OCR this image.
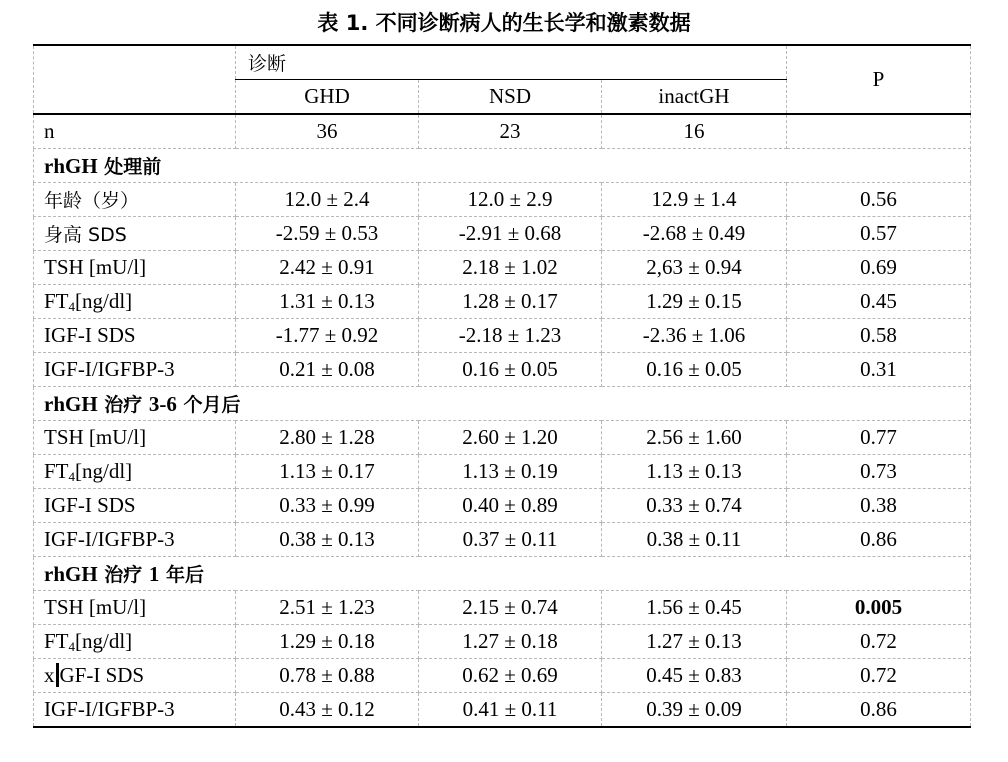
表 1. 不同诊断病人的生长学和激素数据
	诊断			P
	GHD	NSD	inactGH	
n	36	23	16	
rhGH 处理前				
年龄（岁）	12.0 ± 2.4	12.0 ± 2.9	12.9 ± 1.4	0.56
身高 SDS	-2.59 ± 0.53	-2.91 ± 0.68	-2.68 ± 0.49	0.57
TSH [mU/l]	2.42 ± 0.91	2.18 ± 1.02	2,63 ± 0.94	0.69
$FT_4[ng/dl]$	1.31 ± 0.13	1.28 ± 0.17	1.29 ± 0.15	0.45
IGF-I SDS	-1.77 ± 0.92	-2.18 ± 1.23	-2.36 ± 1.06	0.58
IGF-I/IGFBP-3	0.21 ± 0.08	0.16 ± 0.05	0.16 ± 0.05	0.31
rhGH 治疗 3-6 个月后				
TSH [mU/l]	2.80 ± 1.28	2.60 ± 1.20	2.56 ± 1.60	0.77
$FT_4[ng/dl]$	1.13 ± 0.17	1.13 ± 0.19	1.13 ± 0.13	0.73
IGF-I SDS	0.33 ± 0.99	0.40 ± 0.89	0.33 ± 0.74	0.38
IGF-I/IGFBP-3	0.38 ± 0.13	0.37 ± 0.11	0.38 ± 0.11	0.86
rhGH 治疗 1 年后				
TSH [mU/l]	2.51 ± 1.23	2.15 ± 0.74	1.56 ± 0.45	0.005
$FT_4[ng/dl]$	1.29 ± 0.18	1.27 ± 0.18	1.27 ± 0.13	0.72
x GF-I SDS	0.78 ± 0.88	0.62 ± 0.69	0.45 ± 0.83	0.72
IGF-I/IGFBP-3	0.43 ± 0.12	0.41 ± 0.11	0.39 ± 0.09	0.86
